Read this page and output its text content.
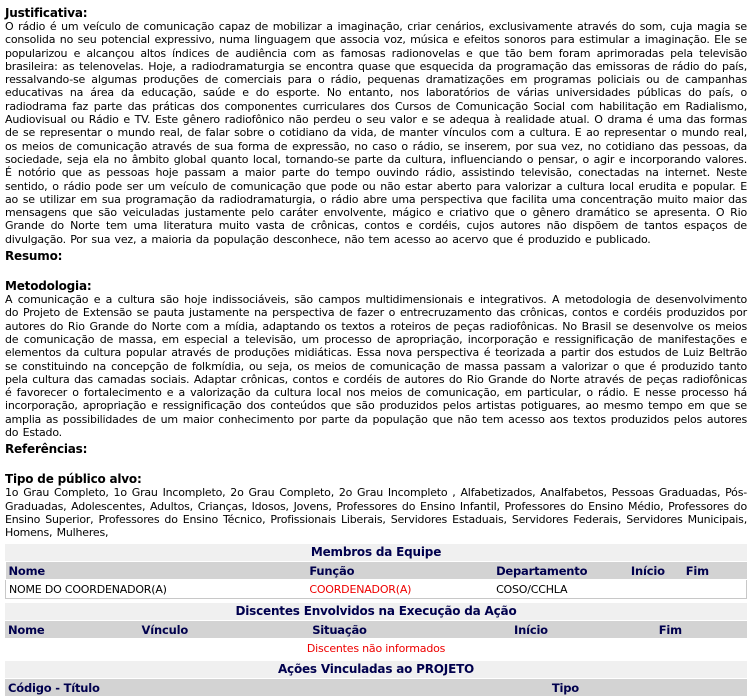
Justificativa:
O rádio é um veículo de comunicação capaz de mobilizar a imaginação, criar cenários, exclusivamente através do som, cuja magia se consolida no seu potencial expressivo, numa linguagem que associa voz, música e efeitos sonoros para estimular a imaginação. Ele se popularizou e alcançou altos índices de audiência com as famosas radionovelas e que tão bem foram aprimoradas pela televisão brasileira: as telenovelas. Hoje, a radiodramaturgia se encontra quase que esquecida da programação das emissoras de rádio do país, ressalvando-se algumas produções de comerciais para o rádio, pequenas dramatizações em programas policiais ou de campanhas educativas na área da educação, saúde e do esporte. No entanto, nos laboratórios de várias universidades públicas do país, o radiodrama faz parte das práticas dos componentes curriculares dos Cursos de Comunicação Social com habilitação em Radialismo, Audiovisual ou Rádio e TV. Este gênero radiofônico não perdeu o seu valor e se adequa à realidade atual. O drama é uma das formas de se representar o mundo real, de falar sobre o cotidiano da vida, de manter vínculos com a cultura. E ao representar o mundo real, os meios de comunicação através de sua forma de expressão, no caso o rádio, se inserem, por sua vez, no cotidiano das pessoas, da sociedade, seja ela no âmbito global quanto local, tornando-se parte da cultura, influenciando o pensar, o agir e incorporando valores. É notório que as pessoas hoje passam a maior parte do tempo ouvindo rádio, assistindo televisão, conectadas na internet. Neste sentido, o rádio pode ser um veículo de comunicação que pode ou não estar aberto para valorizar a cultura local erudita e popular. E ao se utilizar em sua programação da radiodramaturgia, o rádio abre uma perspectiva que facilita uma concentração muito maior das mensagens que são veiculadas justamente pelo caráter envolvente, mágico e criativo que o gênero dramático se apresenta. O Rio Grande do Norte tem uma literatura muito vasta de crônicas, contos e cordéis, cujos autores não dispõem de tantos espaços de divulgação. Por sua vez, a maioria da população desconhece, não tem acesso ao acervo que é produzido e publicado.
Resumo:
Metodologia:
A comunicação e a cultura são hoje indissociáveis, são campos multidimensionais e integrativos. A metodologia de desenvolvimento do Projeto de Extensão se pauta justamente na perspectiva de fazer o entrecruzamento das crônicas, contos e cordéis produzidos por autores do Rio Grande do Norte com a mídia, adaptando os textos a roteiros de peças radiofônicas. No Brasil se desenvolve os meios de comunicação de massa, em especial a televisão, um processo de apropriação, incorporação e ressignificação de manifestações e elementos da cultura popular através de produções midiáticas. Essa nova perspectiva é teorizada a partir dos estudos de Luiz Beltrão se constituindo na concepção de folkmídia, ou seja, os meios de comunicação de massa passam a valorizar o que é produzido tanto pela cultura das camadas sociais. Adaptar crônicas, contos e cordéis de autores do Rio Grande do Norte através de peças radiofônicas é favorecer o fortalecimento e a valorização da cultura local nos meios de comunicação, em particular, o rádio. E nesse processo há incorporação, apropriação e ressignificação dos conteúdos que são produzidos pelos artistas potiguares, ao mesmo tempo em que se amplia as possibilidades de um maior conhecimento por parte da população que não tem acesso aos textos produzidos pelos autores do Estado.
Referências:
Tipo de público alvo:
1o Grau Completo, 1o Grau Incompleto, 2o Grau Completo, 2o Grau Incompleto , Alfabetizados, Analfabetos, Pessoas Graduadas, Pós-Graduadas, Adolescentes, Adultos, Crianças, Idosos, Jovens, Professores do Ensino Infantil, Professores do Ensino Médio, Professores do Ensino Superior, Professores do Ensino Técnico, Profissionais Liberais, Servidores Estaduais, Servidores Federais, Servidores Municipais, Homens, Mulheres,
Membros da Equipe
Nome	Função	Departamento	Início	Fim
NOME DO COORDENADOR(A)	COORDENADOR(A)	COSO/CCHLA		
Discentes Envolvidos na Execução da Ação
Nome	Vínculo	Situação	Início	Fim
Discentes não informados
Ações Vinculadas ao PROJETO
Código - Título	Tipo
